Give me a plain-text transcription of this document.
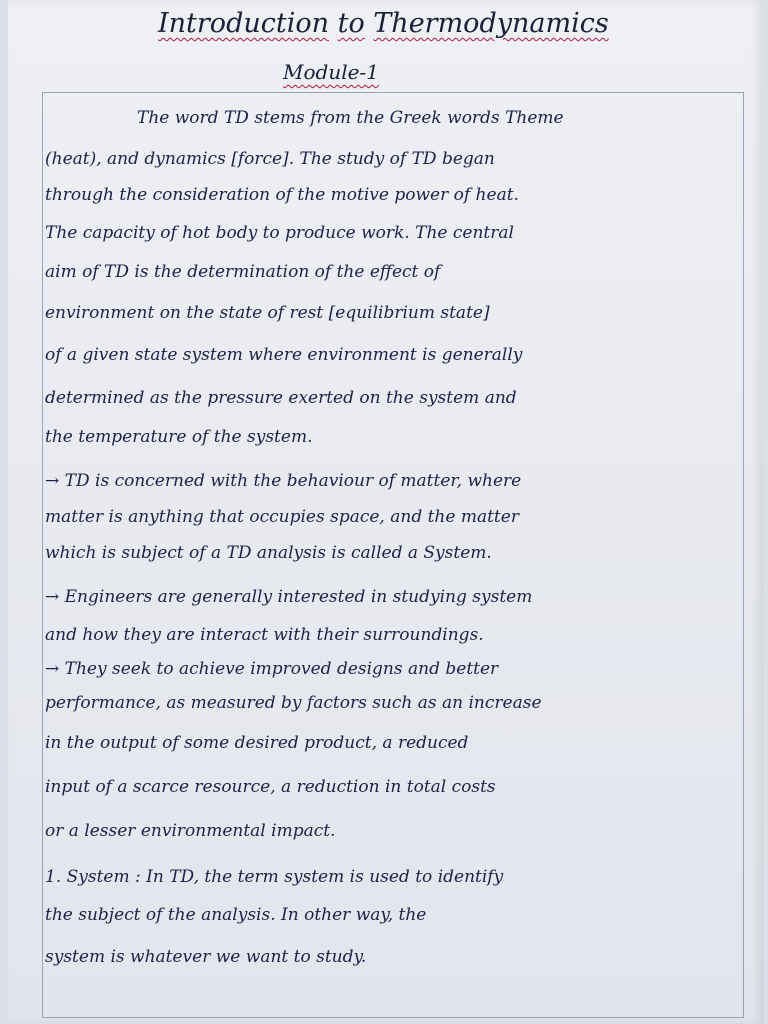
Introduction to Thermodynamics
Module-1
The word TD stems from the Greek words Theme
(heat), and dynamics [force]. The study of TD began
through the consideration of the motive power of heat.
The capacity of hot body to produce work. The central
aim of TD is the determination of the effect of
environment on the state of rest [equilibrium state]
of a given state system where environment is generally
determined as the pressure exerted on the system and
the temperature of the system.
→ TD is concerned with the behaviour of matter, where
matter is anything that occupies space, and the matter
which is subject of a TD analysis is called a System.
→ Engineers are generally interested in studying system
and how they are interact with their surroundings.
→ They seek to achieve improved designs and better
performance, as measured by factors such as an increase
in the output of some desired product, a reduced
input of a scarce resource, a reduction in total costs
or a lesser environmental impact.
1. System : In TD, the term system is used to identify
the subject of the analysis. In other way, the
system is whatever we want to study.
